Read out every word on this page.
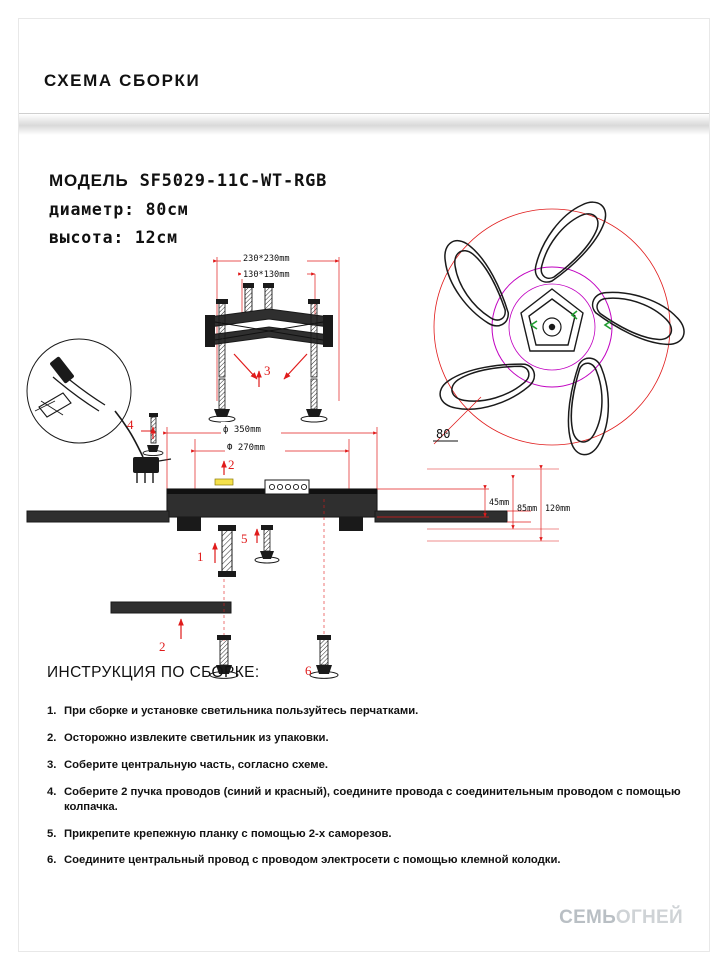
СХЕМА СБОРКИ
МОДЕЛЬ SF5029-11C-WT-RGB
диаметр: 80см
высота: 12см
80
230*230mm
130*130mm
3
4	ф 350mm
Ф 270mm
2
45mm
85mm 120mm
1
2
5
6
ИНСТРУКЦИЯ ПО СБОРКЕ:
1. При сборке и установке светильника пользуйтесь перчатками.
2. Осторожно извлеките светильник из упаковки.
3. Соберите центральную часть, согласно схеме.
4. Соберите 2 пучка проводов (синий и красный), соедините провода с соединительным проводом с помощью колпачка.
5. Прикрепите крепежную планку с помощью 2-х саморезов.
6. Соедините центральный провод с проводом электросети с помощью клемной колодки.
СЕМЬОГНЕЙ
